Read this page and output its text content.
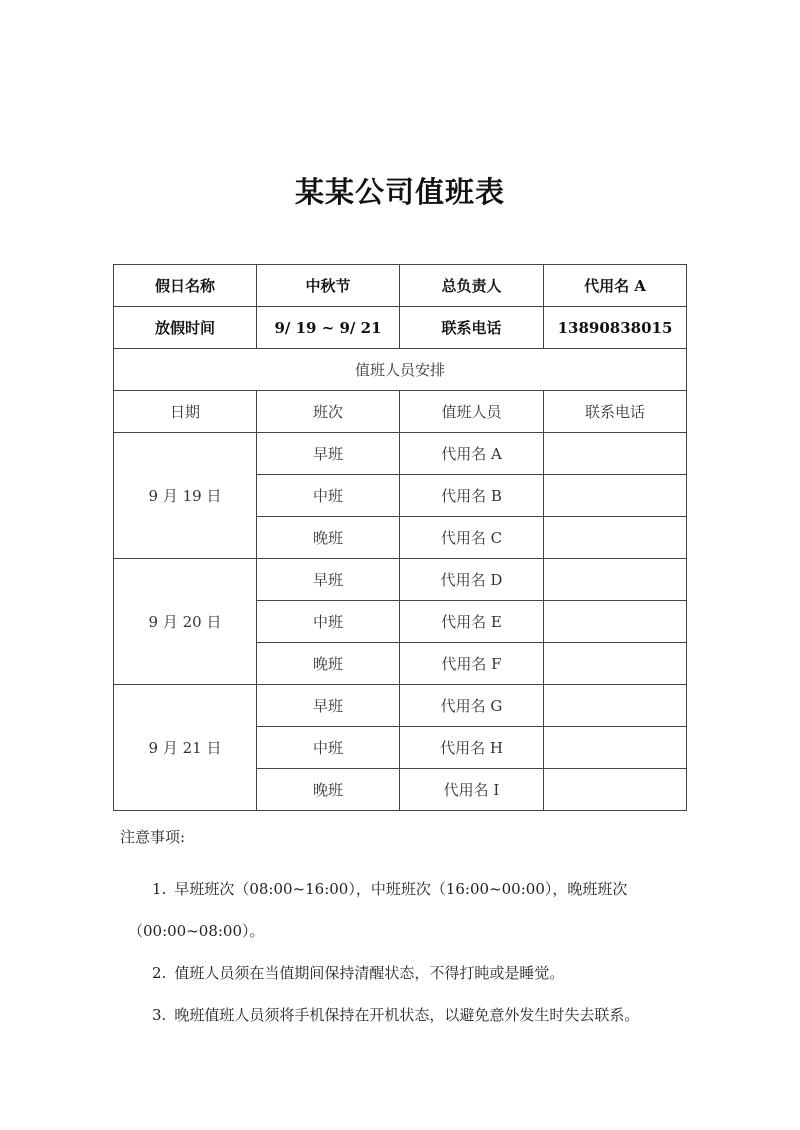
某某公司值班表
假日名称	中秋节	总负责人	代用名 A
放假时间	9/ 19 ~ 9/ 21	联系电话	13890838015
值班人员安排			
日期	班次	值班人员	联系电话
9 月 19 日	早班	代用名 A	
	中班	代用名 B	
	晚班	代用名 C	
9 月 20 日	早班	代用名 D	
	中班	代用名 E	
	晚班	代用名 F	
9 月 21 日	早班	代用名 G	
	中班	代用名 H	
	晚班	代用名 I	

注意事项:

1. 早班班次（08:00~16:00），中班班次（16:00~00:00），晚班班次
（00:00~08:00）。

2. 值班人员须在当值期间保持清醒状态，不得打盹或是睡觉。

3. 晚班值班人员须将手机保持在开机状态，以避免意外发生时失去联系。
